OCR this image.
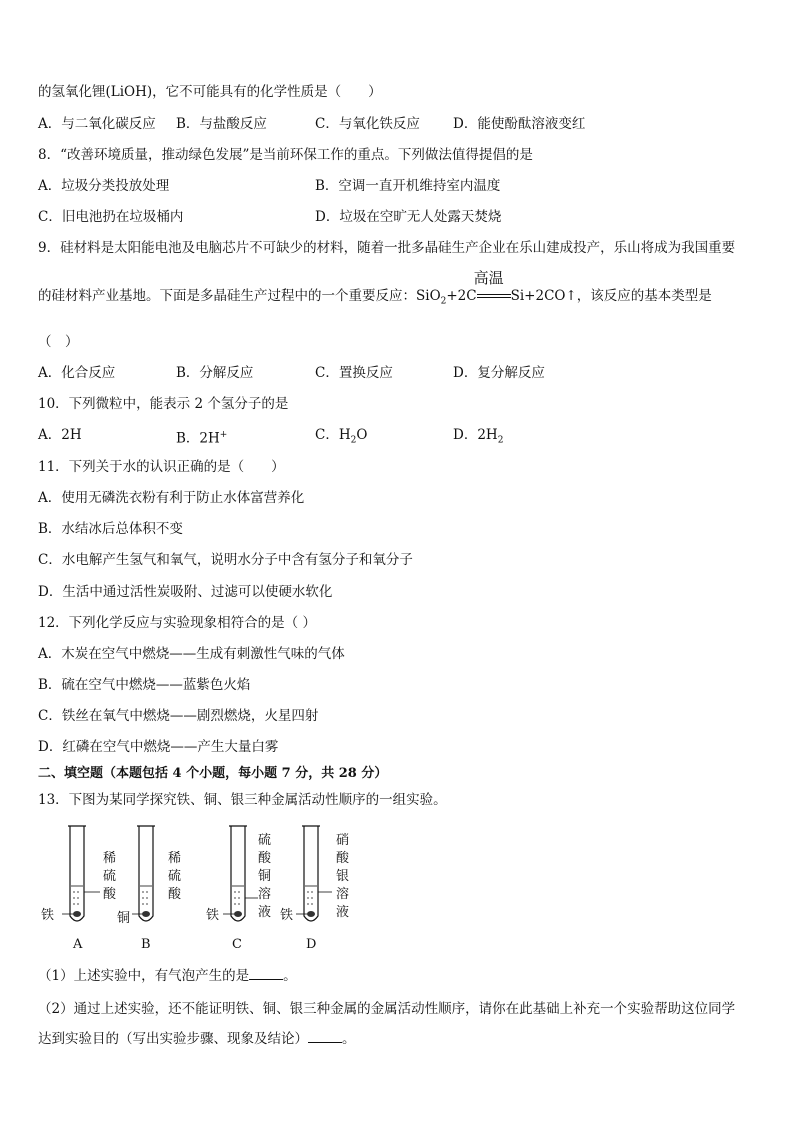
的氢氧化锂(LiOH)，它不可能具有的化学性质是（　　）
A．与二氧化碳反应 B．与盐酸反应	C．与氧化铁反应 D．能使酚酞溶液变红
8．“改善环境质量，推动绿色发展”是当前环保工作的重点。下列做法值得提倡的是
A．垃圾分类投放处理	B．空调一直开机维持室内温度
C．旧电池扔在垃圾桶内	D．垃圾在空旷无人处露天焚烧
9．硅材料是太阳能电池及电脑芯片不可缺少的材料，随着一批多晶硅生产企业在乐山建成投产，乐山将成为我国重要
的硅材料产业基地。下面是多晶硅生产过程中的一个重要反应：SiO$_2$+2C
高温
Si+2CO↑，该反应的基本类型是
（　）
A．化合反应	B．分解反应	C．置换反应	D．复分解反应
10．下列微粒中，能表示 2 个氢分子的是
A．2H	B．2H+	C．$H_2O$	D．$2H_2$
11．下列关于水的认识正确的是（　　）
A．使用无磷洗衣粉有利于防止水体富营养化
B．水结冰后总体积不变
C．水电解产生氢气和氧气，说明水分子中含有氢分子和氧分子
D．生活中通过活性炭吸附、过滤可以使硬水软化
12．下列化学反应与实验现象相符合的是（ ）
A．木炭在空气中燃烧——生成有刺激性气味的气体
B．硫在空气中燃烧——蓝紫色火焰
C．铁丝在氧气中燃烧——剧烈燃烧，火星四射
D．红磷在空气中燃烧——产生大量白雾
二、填空题（本题包括 4 个小题，每小题 7 分，共 28 分）
13．下图为某同学探究铁、铜、银三种金属活动性顺序的一组实验。
稀
硫
酸
稀
硫
酸
硫
酸
铜
溶
液
硝
酸
银
溶
液
铁	铜	铁	铁
A	B	C	D
（1）上述实验中，有气泡产生的是	。
（2）通过上述实验，还不能证明铁、铜、银三种金属的金属活动性顺序，请你在此基础上补充一个实验帮助这位同学
达到实验目的（写出实验步骤、现象及结论）	。
